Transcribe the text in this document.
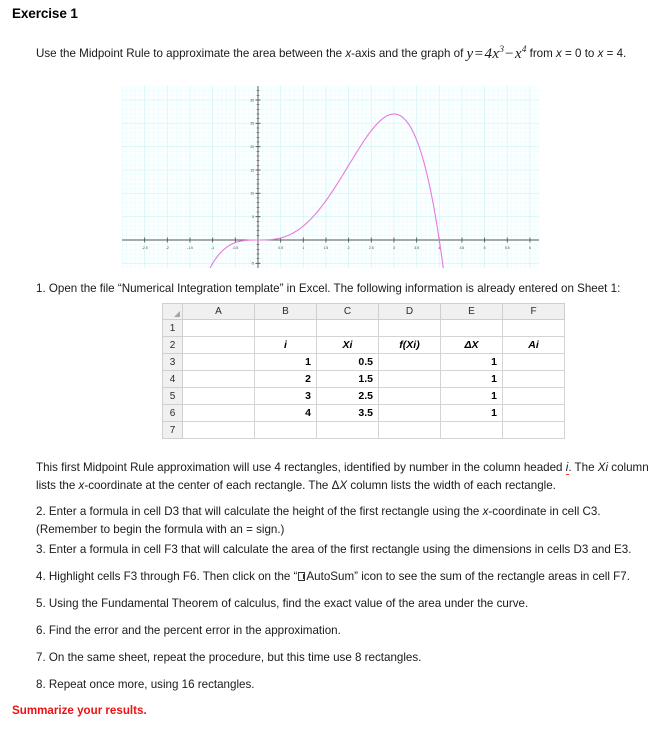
Exercise 1
Use the Midpoint Rule to approximate the area between the x-axis and the graph of $y=4x^3-x^4$ from x = 0 to x = 4.
-2.5	-2	-1.5	-1	-0.5	0.5	1	1.5	2	2.5	3	3.5	4	4.5	5	5.5	6
-5
5
10
15
20
25
30
1. Open the file “Numerical Integration template” in Excel. The following information is already entered on Sheet 1:
	A	B	C	D	E	F
1						
2		i	Xi	f(Xi)	ΔX	Ai
3		1	0.5		1	
4		2	1.5		1	
5		3	2.5		1	
6		4	3.5		1	
7						
This first Midpoint Rule approximation will use 4 rectangles, identified by number in the column headed i. The Xi column lists the x-coordinate at the center of each rectangle. The ΔX column lists the width of each rectangle.
2. Enter a formula in cell D3 that will calculate the height of the first rectangle using the x-coordinate in cell C3. (Remember to begin the formula with an = sign.)
3. Enter a formula in cell F3 that will calculate the area of the first rectangle using the dimensions in cells D3 and E3.
4. Highlight cells F3 through F6. Then click on the “ AutoSum” icon to see the sum of the rectangle areas in cell F7.
5. Using the Fundamental Theorem of calculus, find the exact value of the area under the curve.
6. Find the error and the percent error in the approximation.
7. On the same sheet, repeat the procedure, but this time use 8 rectangles.
8. Repeat once more, using 16 rectangles.
Summarize your results.
